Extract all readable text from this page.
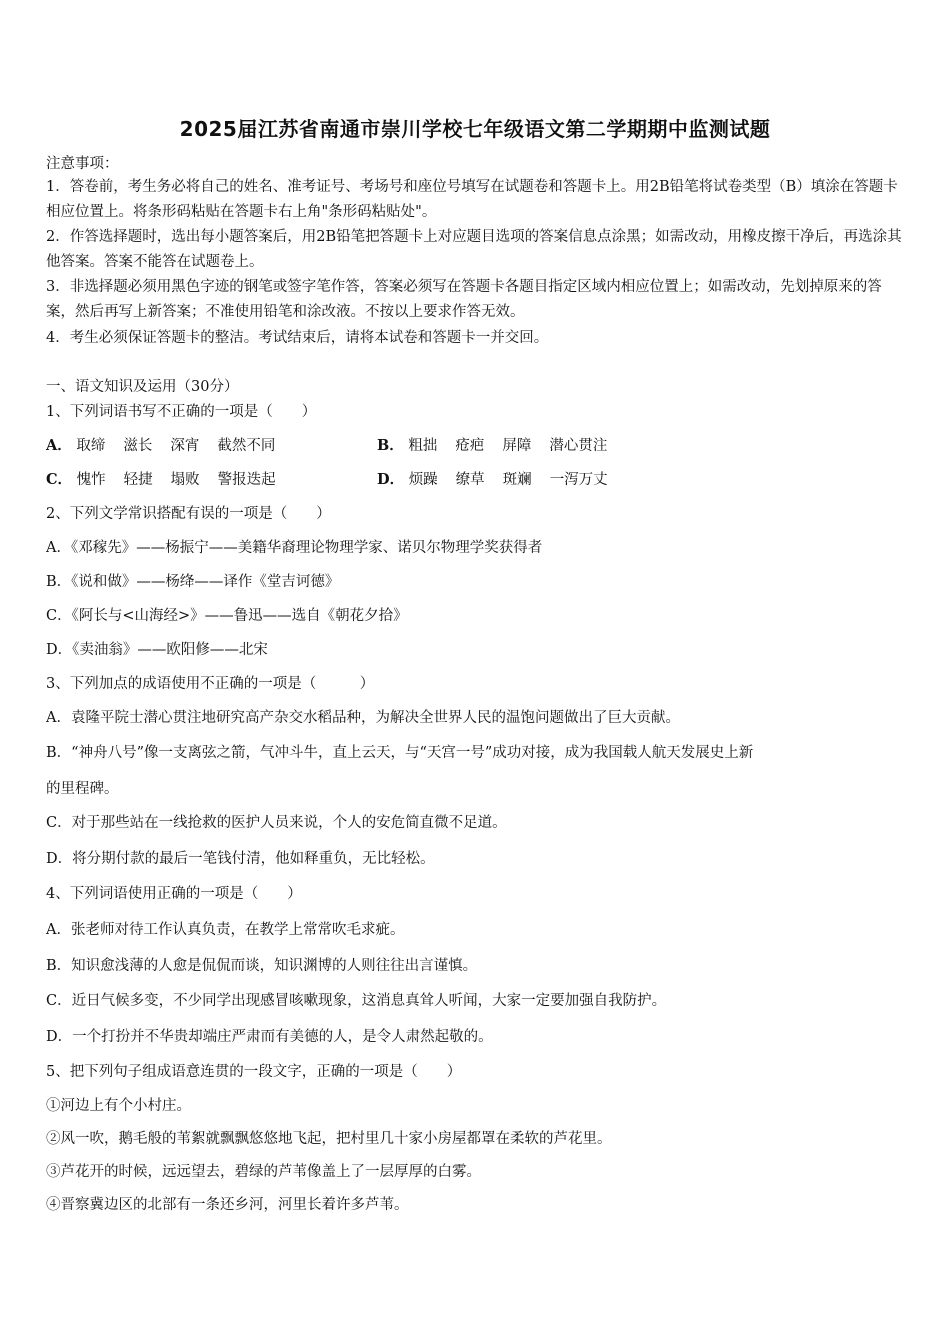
2025届江苏省南通市崇川学校七年级语文第二学期期中监测试题
注意事项：
1．答卷前，考生务必将自己的姓名、准考证号、考场号和座位号填写在试题卷和答题卡上。用2B铅笔将试卷类型（B）填涂在答题卡相应位置上。将条形码粘贴在答题卡右上角"条形码粘贴处"。
2．作答选择题时，选出每小题答案后，用2B铅笔把答题卡上对应题目选项的答案信息点涂黑；如需改动，用橡皮擦干净后，再选涂其他答案。答案不能答在试题卷上。
3．非选择题必须用黑色字迹的钢笔或签字笔作答，答案必须写在答题卡各题目指定区域内相应位置上；如需改动，先划掉原来的答案，然后再写上新答案；不准使用铅笔和涂改液。不按以上要求作答无效。
4．考生必须保证答题卡的整洁。考试结束后，请将本试卷和答题卡一并交回。
一、语文知识及运用（30分）
1、下列词语书写不正确的一项是（　　）
A． 取缔 滋长 深宵 截然不同	B． 粗拙 疮疤 屏障 潜心贯注
C． 愧怍 轻捷 塌败 警报迭起	D． 烦躁 缭草 斑斓 一泻万丈
2、下列文学常识搭配有误的一项是（　　）
A．《邓稼先》——杨振宁——美籍华裔理论物理学家、诺贝尔物理学奖获得者
B．《说和做》——杨绛——译作《堂吉诃德》
C．《阿长与<山海经>》——鲁迅——选自《朝花夕拾》
D．《卖油翁》——欧阳修——北宋
3、下列加点的成语使用不正确的一项是（　　　）
A．袁隆平院士潜心贯注地研究高产杂交水稻品种，为解决全世界人民的温饱问题做出了巨大贡献。
B．“神舟八号”像一支离弦之箭，气冲斗牛，直上云天，与“天宫一号”成功对接，成为我国载人航天发展史上新
的里程碑。
C．对于那些站在一线抢救的医护人员来说，个人的安危简直微不足道。
D．将分期付款的最后一笔钱付清，他如释重负，无比轻松。
4、下列词语使用正确的一项是（　　）
A．张老师对待工作认真负责，在教学上常常吹毛求疵。
B．知识愈浅薄的人愈是侃侃而谈，知识渊博的人则往往出言谨慎。
C．近日气候多变，不少同学出现感冒咳嗽现象，这消息真耸人听闻，大家一定要加强自我防护。
D．一个打扮并不华贵却端庄严肃而有美德的人，是令人肃然起敬的。
5、把下列句子组成语意连贯的一段文字，正确的一项是（　　）
①河边上有个小村庄。
②风一吹，鹅毛般的苇絮就飘飘悠悠地飞起，把村里几十家小房屋都罩在柔软的芦花里。
③芦花开的时候，远远望去，碧绿的芦苇像盖上了一层厚厚的白雾。
④晋察冀边区的北部有一条还乡河，河里长着许多芦苇。
